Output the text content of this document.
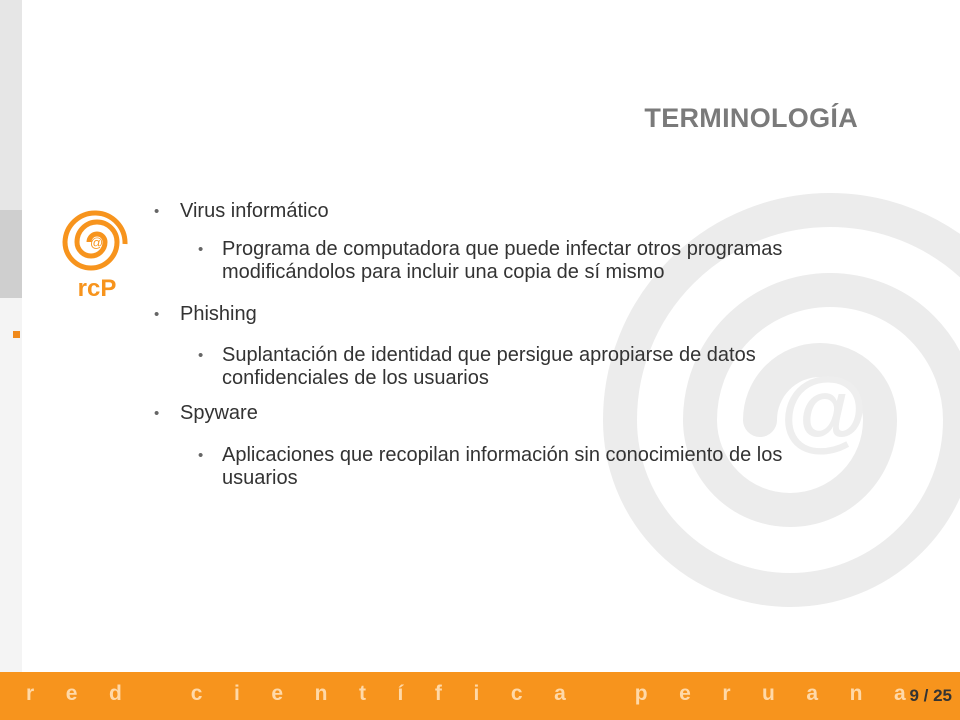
@
@
rcP
TERMINOLOGÍA
• Virus informático
• Programa de computadora que puede infectar otros programas modificándolos para incluir una copia de sí mismo
• Phishing
• Suplantación de identidad que persigue apropiarse de datos confidenciales de los usuarios
• Spyware
• Aplicaciones que recopilan información sin conocimiento de los usuarios
r e d
	c i e n t í f i c a
	p e r u a n a 9 / 25
